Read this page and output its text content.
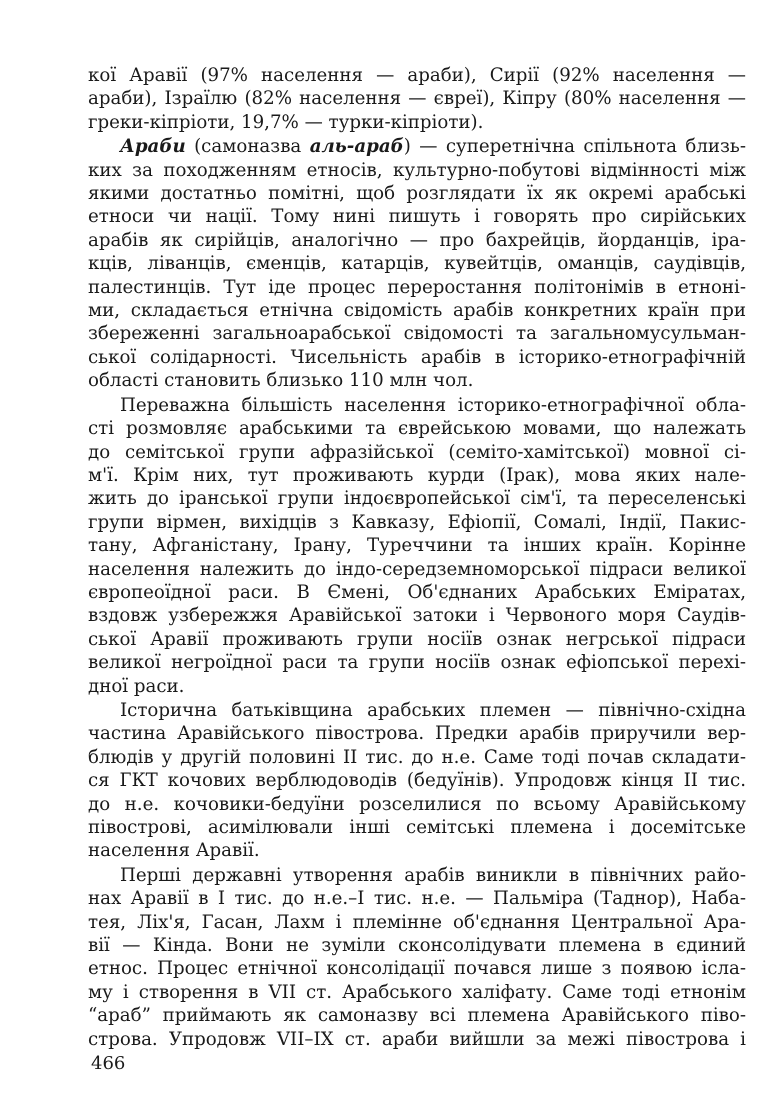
кої Аравії (97% населення — араби), Сирії (92% населення —
араби), Ізраїлю (82% населення — євреї), Кіпру (80% населення —
греки-кіпріоти, 19,7% — турки-кіпріоти).

Араби (самоназва аль-араб) — суперетнічна спільнота близь-
ких за походженням етносів, культурно-побутові відмінності між
якими достатньо помітні, щоб розглядати їх як окремі арабські
етноси чи нації. Тому нині пишуть і говорять про сирійських
арабів як сирійців, аналогічно — про бахрейців, йорданців, іра-
кців, ліванців, єменців, катарців, кувейтців, оманців, саудівців,
палестинців. Тут іде процес переростання політонімів в етноні-
ми, складається етнічна свідомість арабів конкретних країн при
збереженні загальноарабської свідомості та загальномусульман-
ської солідарності. Чисельність арабів в історико-етнографічній
області становить близько 110 млн чол.

Переважна більшість населення історико-етнографічної обла-
сті розмовляє арабськими та єврейською мовами, що належать
до семітської групи афразійської (семіто-хамітської) мовної сі-
м'ї. Крім них, тут проживають курди (Ірак), мова яких нале-
жить до іранської групи індоєвропейської сім'ї, та переселенські
групи вірмен, вихідців з Кавказу, Ефіопії, Сомалі, Індії, Пакис-
тану, Афганістану, Ірану, Туреччини та інших країн. Корінне
населення належить до індо-середземноморської підраси великої
європеоїдної раси. В Ємені, Об'єднаних Арабських Еміратах,
вздовж узбережжя Аравійської затоки і Червоного моря Саудів-
ської Аравії проживають групи носіїв ознак негрської підраси
великої негроїдної раси та групи носіїв ознак ефіопської перехі-
дної раси.

Історична батьківщина арабських племен — північно-східна
частина Аравійського півострова. Предки арабів приручили вер-
блюдів у другій половині II тис. до н.е. Саме тоді почав складати-
ся ГКТ кочових верблюдоводів (бедуїнів). Упродовж кінця II тис.
до н.е. кочовики-бедуїни розселилися по всьому Аравійському
півострові, асимілювали інші семітські племена і досемітське
населення Аравії.

Перші державні утворення арабів виникли в північних райо-
нах Аравії в І тис. до н.е.–І тис. н.е. — Пальміра (Таднор), Наба-
тея, Ліх'я, Гасан, Лахм і племінне об'єднання Центральної Ара-
вії — Кінда. Вони не зуміли сконсолідувати племена в єдиний
етнос. Процес етнічної консолідації почався лише з появою ісла-
му і створення в VII ст. Арабського халіфату. Саме тоді етнонім
“араб” приймають як самоназву всі племена Аравійського піво-
строва. Упродовж VII–IX ст. араби вийшли за межі півострова і

466
